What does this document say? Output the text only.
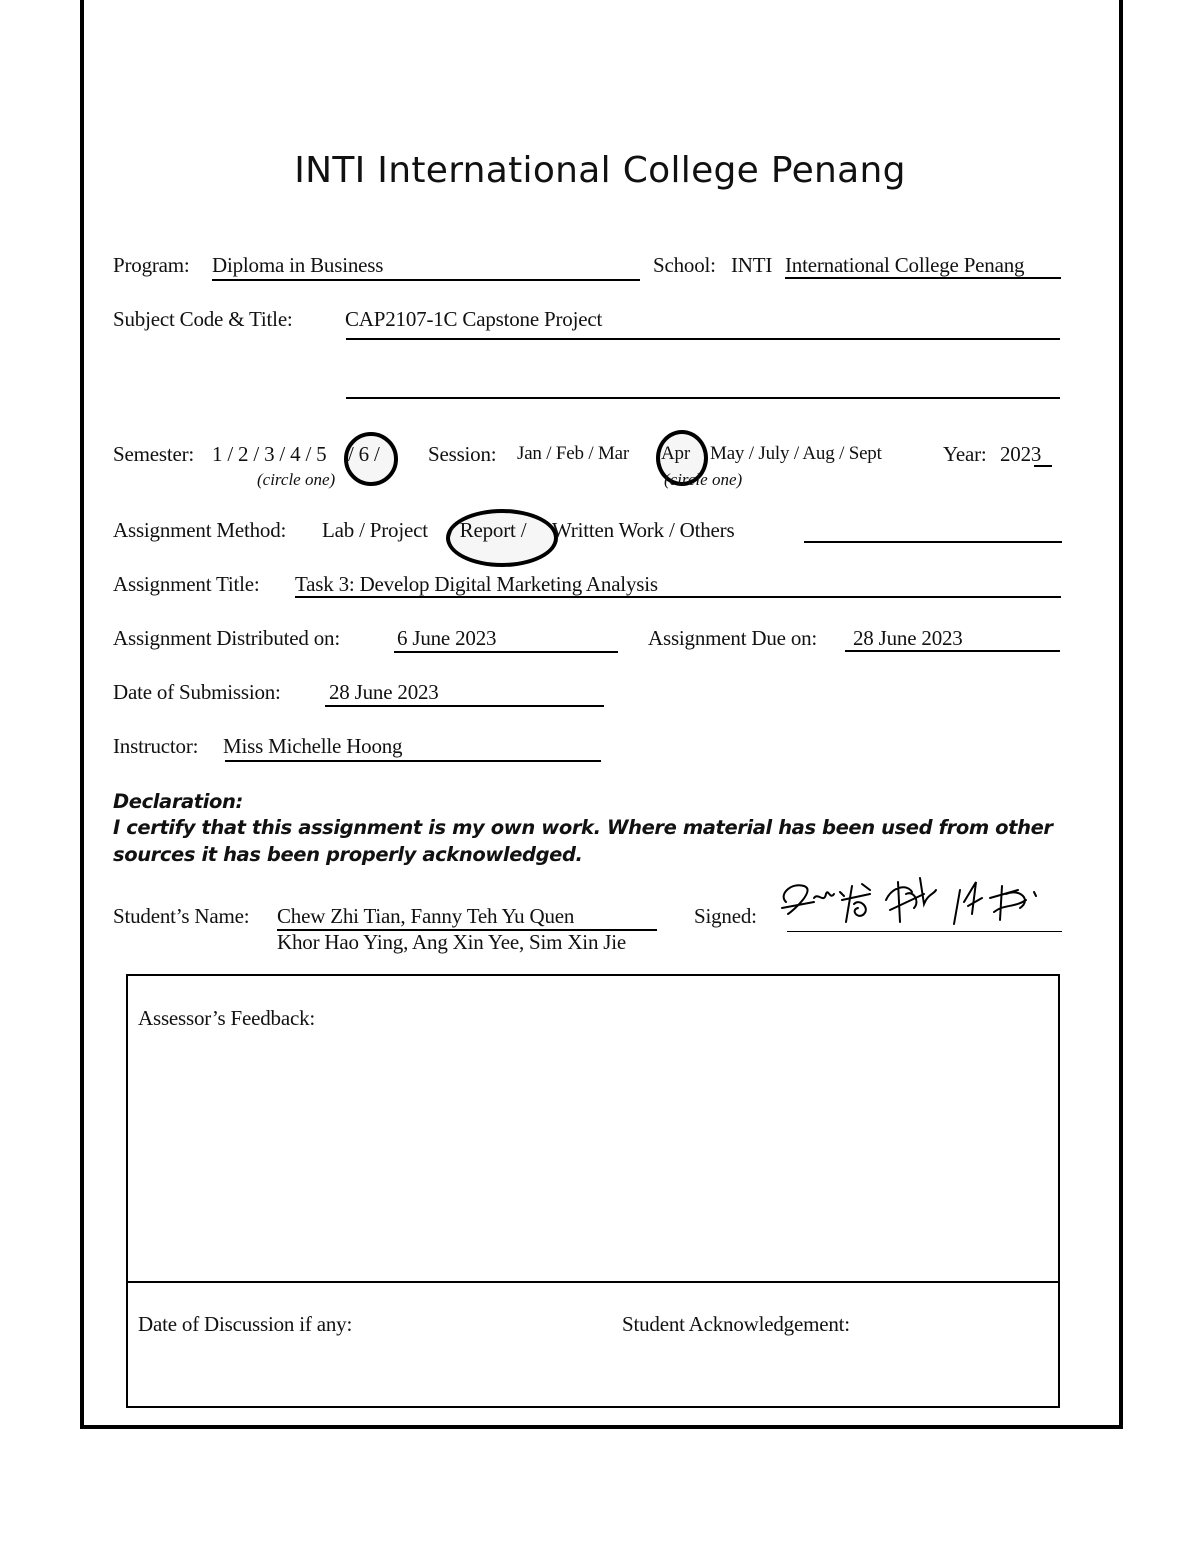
INTI International College Penang
Program: Diploma in Business	School: INTI International College Penang
Subject Code & Title: CAP2107-1C Capstone Project
Semester: 1 / 2 / 3 / 4 / 5 / 6 /
(circle one)
Session: Jan / Feb / Mar Apr May / July / Aug / Sept
(circle one)
Year: 2023
Assignment Method: Lab / Project / Report / Written Work / Others
Assignment Title: Task 3: Develop Digital Marketing Analysis
Assignment Distributed on:	6 June 2023	Assignment Due on: 28 June 2023
Date of Submission: 28 June 2023
Instructor: Miss Michelle Hoong
Declaration:
I certify that this assignment is my own work. Where material has been used from other
sources it has been properly acknowledged.
Student’s Name: Chew Zhi Tian, Fanny Teh Yu Quen
Khor Hao Ying, Ang Xin Yee, Sim Xin Jie
Signed:
Assessor’s Feedback:
Date of Discussion if any:	Student Acknowledgement:
